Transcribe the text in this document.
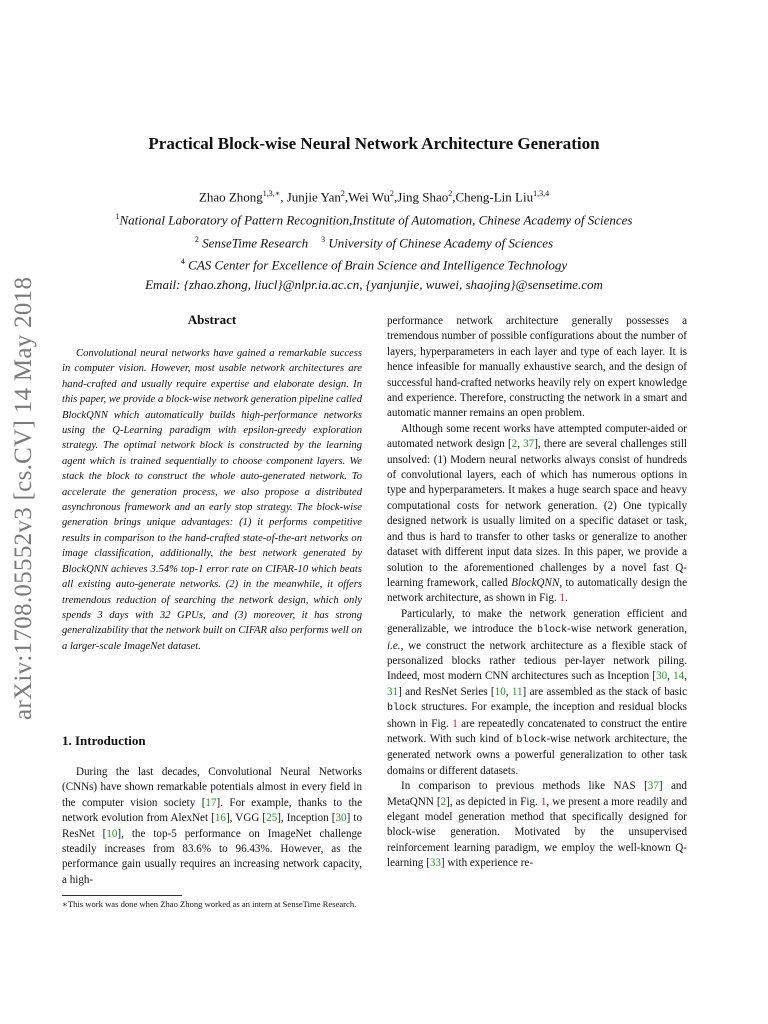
arXiv:1708.05552v3 [cs.CV] 14 May 2018
Practical Block-wise Neural Network Architecture Generation
Zhao Zhong$^{1,3,∗}$, Junjie Yan$^2$,Wei Wu$^2$,Jing Shao$^2$,Cheng-Lin Liu$^{1,3,4}$
$^1$National Laboratory of Pattern Recognition,Institute of Automation, Chinese Academy of Sciences
$^2$ SenseTime Research    $^3$ University of Chinese Academy of Sciences
$^4$ CAS Center for Excellence of Brain Science and Intelligence Technology
Email: {zhao.zhong, liucl}@nlpr.ia.ac.cn, {yanjunjie, wuwei, shaojing}@sensetime.com
Abstract

Convolutional neural networks have gained a remarkable success in computer vision. However, most usable network architectures are hand-crafted and usually require expertise and elaborate design. In this paper, we provide a block-wise network generation pipeline called BlockQNN which automatically builds high-performance networks using the Q-Learning paradigm with epsilon-greedy exploration strategy. The optimal network block is constructed by the learning agent which is trained sequentially to choose component layers. We stack the block to construct the whole auto-generated network. To accelerate the generation process, we also propose a distributed asynchronous framework and an early stop strategy. The block-wise generation brings unique advantages: (1) it performs competitive results in comparison to the hand-crafted state-of-the-art networks on image classification, additionally, the best network generated by BlockQNN achieves 3.54% top-1 error rate on CIFAR-10 which beats all existing auto-generate networks. (2) in the meanwhile, it offers tremendous reduction of searching the network design, which only spends 3 days with 32 GPUs, and (3) moreover, it has strong generalizability that the network built on CIFAR also performs well on a larger-scale ImageNet dataset.

1. Introduction

During the last decades, Convolutional Neural Networks (CNNs) have shown remarkable potentials almost in every field in the computer vision society [17]. For example, thanks to the network evolution from AlexNet [16], VGG [25], Inception [30] to ResNet [10], the top-5 performance on ImageNet challenge steadily increases from 83.6% to 96.43%. However, as the performance gain usually requires an increasing network capacity, a high-

∗This work was done when Zhao Zhong worked as an intern at SenseTime Research.

performance network architecture generally possesses a tremendous number of possible configurations about the number of layers, hyperparameters in each layer and type of each layer. It is hence infeasible for manually exhaustive search, and the design of successful hand-crafted networks heavily rely on expert knowledge and experience. Therefore, constructing the network in a smart and automatic manner remains an open problem.

Although some recent works have attempted computer-aided or automated network design [2, 37], there are several challenges still unsolved: (1) Modern neural networks always consist of hundreds of convolutional layers, each of which has numerous options in type and hyperparameters. It makes a huge search space and heavy computational costs for network generation. (2) One typically designed network is usually limited on a specific dataset or task, and thus is hard to transfer to other tasks or generalize to another dataset with different input data sizes. In this paper, we provide a solution to the aforementioned challenges by a novel fast Q-learning framework, called BlockQNN, to automatically design the network architecture, as shown in Fig. 1.

Particularly, to make the network generation efficient and generalizable, we introduce the block-wise network generation, i.e., we construct the network architecture as a flexible stack of personalized blocks rather tedious per-layer network piling. Indeed, most modern CNN architectures such as Inception [30, 14, 31] and ResNet Series [10, 11] are assembled as the stack of basic block structures. For example, the inception and residual blocks shown in Fig. 1 are repeatedly concatenated to construct the entire network. With such kind of block-wise network architecture, the generated network owns a powerful generalization to other task domains or different datasets.

In comparison to previous methods like NAS [37] and MetaQNN [2], as depicted in Fig. 1, we present a more readily and elegant model generation method that specifically designed for block-wise generation. Motivated by the unsupervised reinforcement learning paradigm, we employ the well-known Q-learning [33] with experience re-
